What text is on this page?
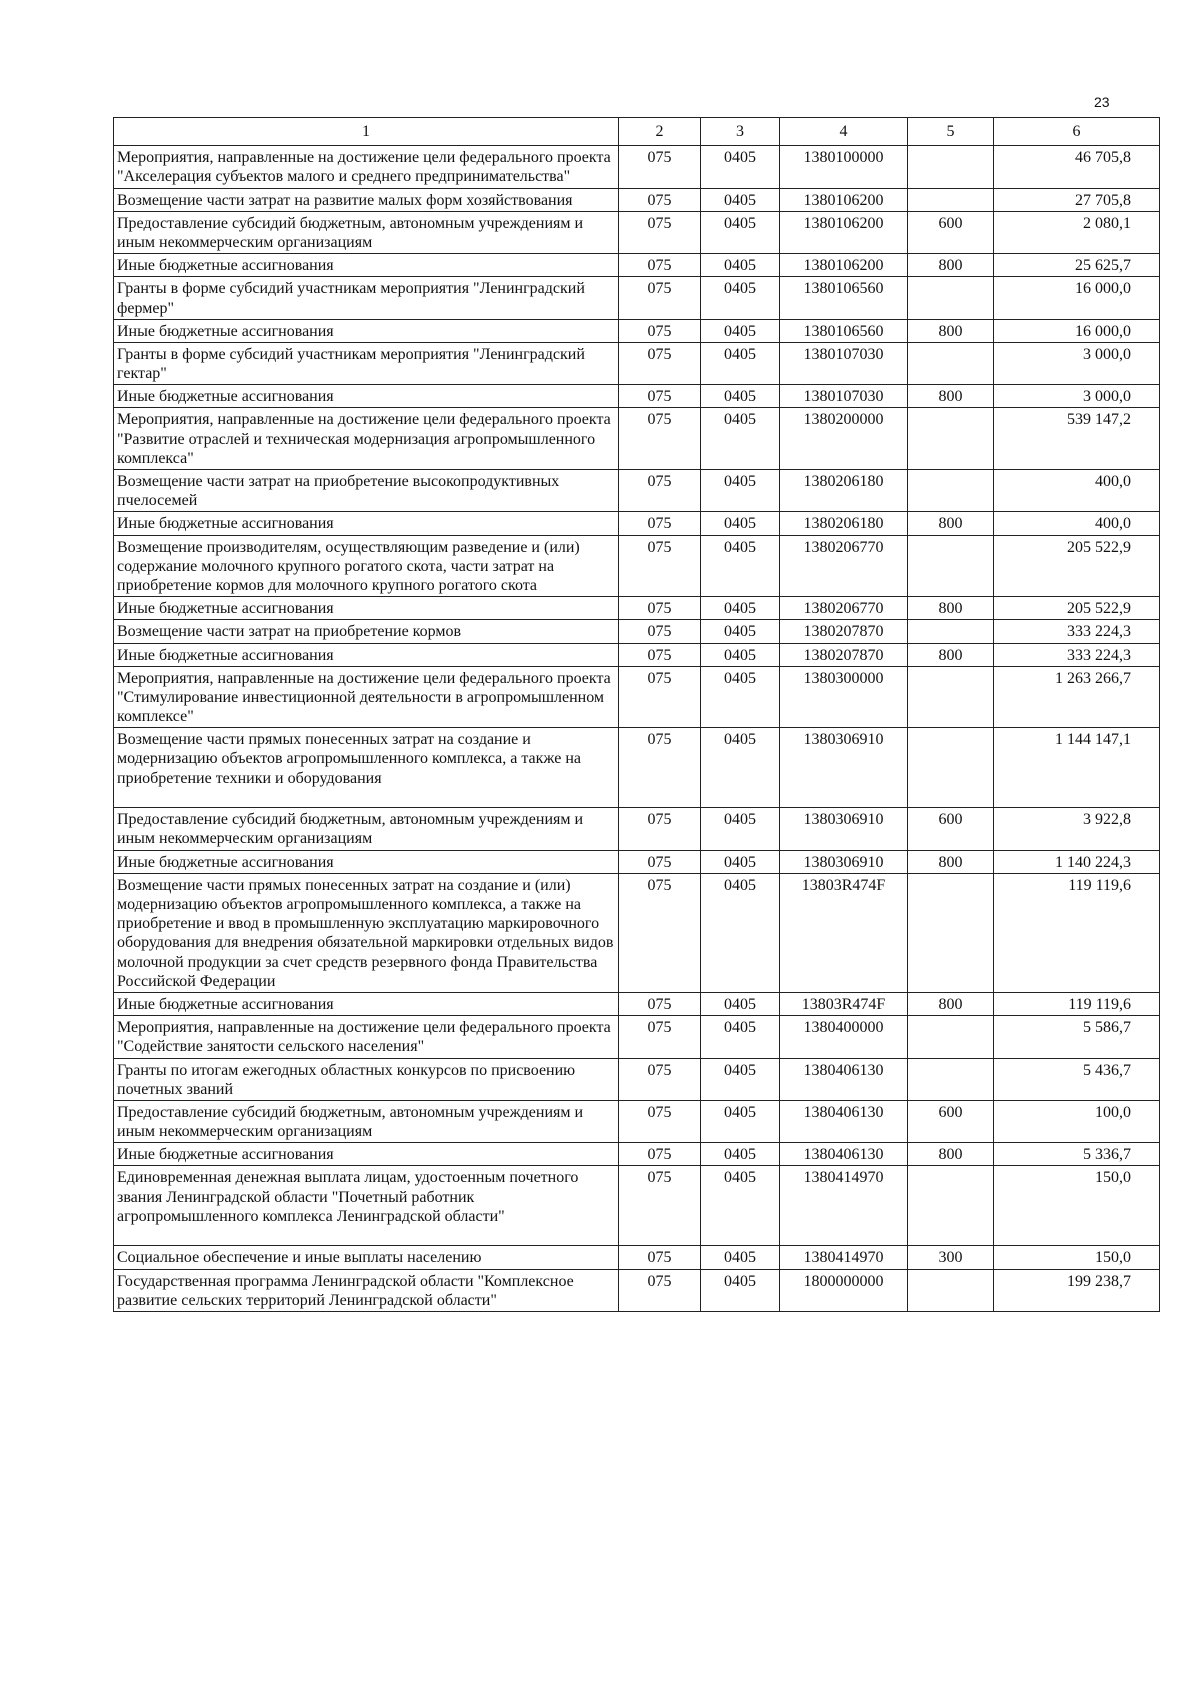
23
1	2	3	4	5	6
Мероприятия, направленные на достижение цели федерального проекта "Акселерация субъектов малого и среднего предпринимательства"	075	0405	1380100000		46 705,8
Возмещение части затрат на развитие малых форм хозяйствования	075	0405	1380106200		27 705,8
Предоставление субсидий бюджетным, автономным учреждениям и иным некоммерческим организациям	075	0405	1380106200	600	2 080,1
Иные бюджетные ассигнования	075	0405	1380106200	800	25 625,7
Гранты в форме субсидий участникам мероприятия "Ленинградский фермер"	075	0405	1380106560		16 000,0
Иные бюджетные ассигнования	075	0405	1380106560	800	16 000,0
Гранты в форме субсидий участникам мероприятия "Ленинградский гектар"	075	0405	1380107030		3 000,0
Иные бюджетные ассигнования	075	0405	1380107030	800	3 000,0
Мероприятия, направленные на достижение цели федерального проекта "Развитие отраслей и техническая модернизация агропромышленного комплекса"	075	0405	1380200000		539 147,2
Возмещение части затрат на приобретение высокопродуктивных пчелосемей	075	0405	1380206180		400,0
Иные бюджетные ассигнования	075	0405	1380206180	800	400,0
Возмещение производителям, осуществляющим разведение и (или) содержание молочного крупного рогатого скота, части затрат на приобретение кормов для молочного крупного рогатого скота	075	0405	1380206770		205 522,9
Иные бюджетные ассигнования	075	0405	1380206770	800	205 522,9
Возмещение части затрат на приобретение кормов	075	0405	1380207870		333 224,3
Иные бюджетные ассигнования	075	0405	1380207870	800	333 224,3
Мероприятия, направленные на достижение цели федерального проекта "Стимулирование инвестиционной деятельности в агропромышленном комплексе"	075	0405	1380300000		1 263 266,7
Возмещение части прямых понесенных затрат на создание и модернизацию объектов агропромышленного комплекса, а также на приобретение техники и оборудования	075	0405	1380306910		1 144 147,1
Предоставление субсидий бюджетным, автономным учреждениям и иным некоммерческим организациям	075	0405	1380306910	600	3 922,8
Иные бюджетные ассигнования	075	0405	1380306910	800	1 140 224,3
Возмещение части прямых понесенных затрат на создание и (или) модернизацию объектов агропромышленного комплекса, а также на приобретение и ввод в промышленную эксплуатацию маркировочного оборудования для внедрения обязательной маркировки отдельных видов молочной продукции за счет средств резервного фонда Правительства Российской Федерации	075	0405	13803R474F		119 119,6
Иные бюджетные ассигнования	075	0405	13803R474F	800	119 119,6
Мероприятия, направленные на достижение цели федерального проекта "Содействие занятости сельского населения"	075	0405	1380400000		5 586,7
Гранты по итогам ежегодных областных конкурсов по присвоению почетных званий	075	0405	1380406130		5 436,7
Предоставление субсидий бюджетным, автономным учреждениям и иным некоммерческим организациям	075	0405	1380406130	600	100,0
Иные бюджетные ассигнования	075	0405	1380406130	800	5 336,7
Единовременная денежная выплата лицам, удостоенным почетного звания Ленинградской области "Почетный работник агропромышленного комплекса Ленинградской области"	075	0405	1380414970		150,0
Социальное обеспечение и иные выплаты населению	075	0405	1380414970	300	150,0
Государственная программа Ленинградской области "Комплексное развитие сельских территорий Ленинградской области"	075	0405	1800000000		199 238,7
